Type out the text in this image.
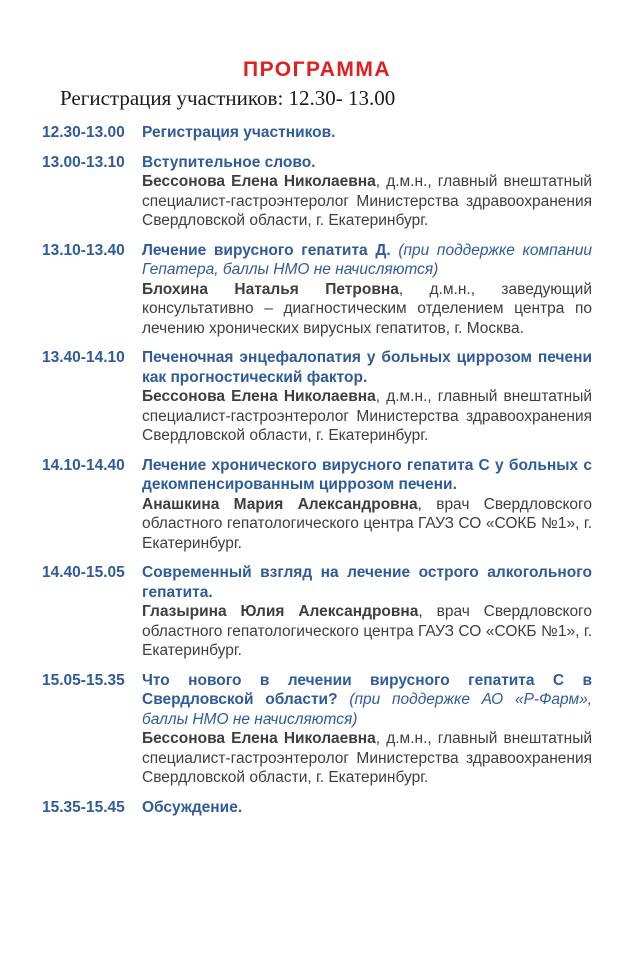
ПРОГРАММА
Регистрация участников: 12.30- 13.00
12.30-13.00	Регистрация участников.

13.00-13.10	Вступительное слово.

Бессонова Елена Николаевна, д.м.н., главный внештатный специалист-гастроэнтеролог Министерства здравоохранения Свердловской области, г. Екатеринбург.

13.10-13.40	Лечение вирусного гепатита Д. (при поддержке компании Гепатера, баллы НМО не начисляются)

Блохина Наталья Петровна, д.м.н., заведующий консультативно – диагностическим отделением центра по лечению хронических вирусных гепатитов, г. Москва.

13.40-14.10	Печеночная энцефалопатия у больных циррозом печени как прогностический фактор.

Бессонова Елена Николаевна, д.м.н., главный внештатный специалист-гастроэнтеролог Министерства здравоохранения Свердловской области, г. Екатеринбург.

14.10-14.40	Лечение хронического вирусного гепатита С у больных с декомпенсированным циррозом печени.

Анашкина Мария Александровна, врач Свердловского областного гепатологического центра ГАУЗ СО «СОКБ №1», г. Екатеринбург.

14.40-15.05	Современный взгляд на лечение острого алкогольного гепатита.

Глазырина Юлия Александровна, врач Свердловского областного гепатологического центра ГАУЗ СО «СОКБ №1», г. Екатеринбург.

15.05-15.35	Что нового в лечении вирусного гепатита С в Свердловской области? (при поддержке АО «Р-Фарм», баллы НМО не начисляются)

Бессонова Елена Николаевна, д.м.н., главный внештатный специалист-гастроэнтеролог Министерства здравоохранения Свердловской области, г. Екатеринбург.

15.35-15.45	Обсуждение.
